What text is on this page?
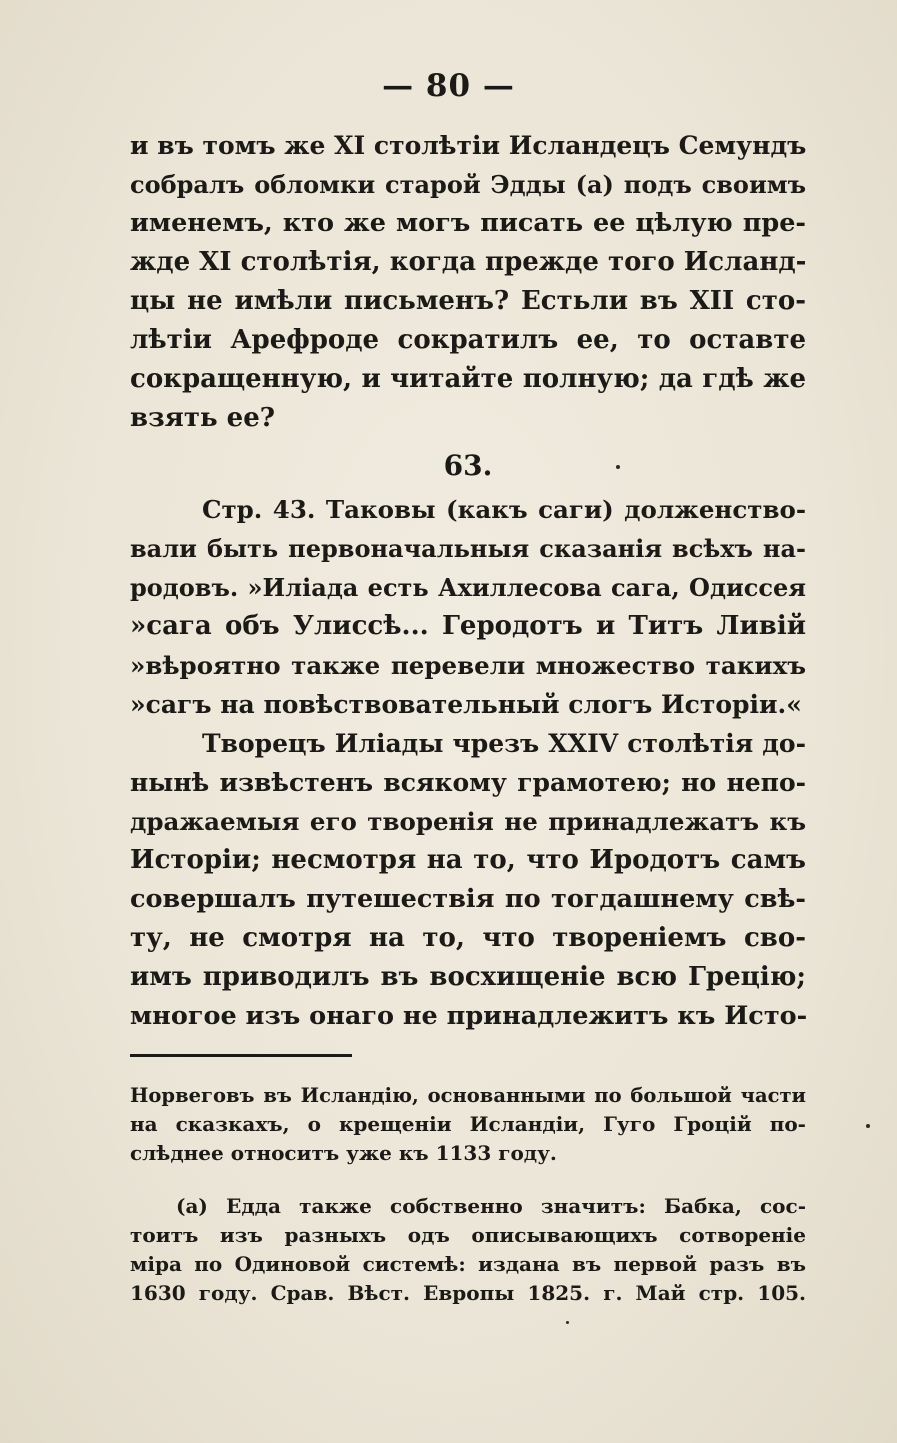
— 80 —
и въ томъ же XI столѣтіи Исландецъ Семундъ
собралъ обломки старой Эдды (а) подъ своимъ
именемъ, кто же могъ писать ее цѣлую пре-
жде XI столѣтія, когда прежде того Исланд-
цы не имѣли письменъ? Естьли въ XII сто-
лѣтіи Арефроде сократилъ ее, то оставте
сокращенную, и читайте полную; да гдѣ же
взять ее?
63.
Стр. 43. Таковы (какъ саги) долженство-
вали быть первоначальныя сказанія всѣхъ на-
родовъ. »Иліада есть Ахиллесова сага, Одиссея
»сага объ Улиссѣ... Геродотъ и Титъ Ливій
»вѣроятно также перевели множество такихъ
»сагъ на повѣствовательный слогъ Исторіи.«
Творецъ Иліады чрезъ XXIV столѣтія до-
нынѣ извѣстенъ всякому грамотею; но непо-
дражаемыя его творенія не принадлежатъ къ
Исторіи; несмотря на то, что Иродотъ самъ
совершалъ путешествія по тогдашнему свѣ-
ту, не смотря на то, что твореніемъ сво-
имъ приводилъ въ восхищеніе всю Грецію;
многое изъ онаго не принадлежитъ къ Исто-
Норвеговъ въ Исландію, основанными по большой части
на сказкахъ, о крещеніи Исландіи, Гуго Гроцій по-
слѣднее относитъ уже къ 1133 году.
(а) Едда также собственно значитъ: Бабка, сос-
тоитъ изъ разныхъ одъ описывающихъ сотвореніе
міра по Одиновой системѣ: издана въ первой разъ въ
1630 году. Срав. Вѣст. Европы 1825. г. Май стр. 105.
